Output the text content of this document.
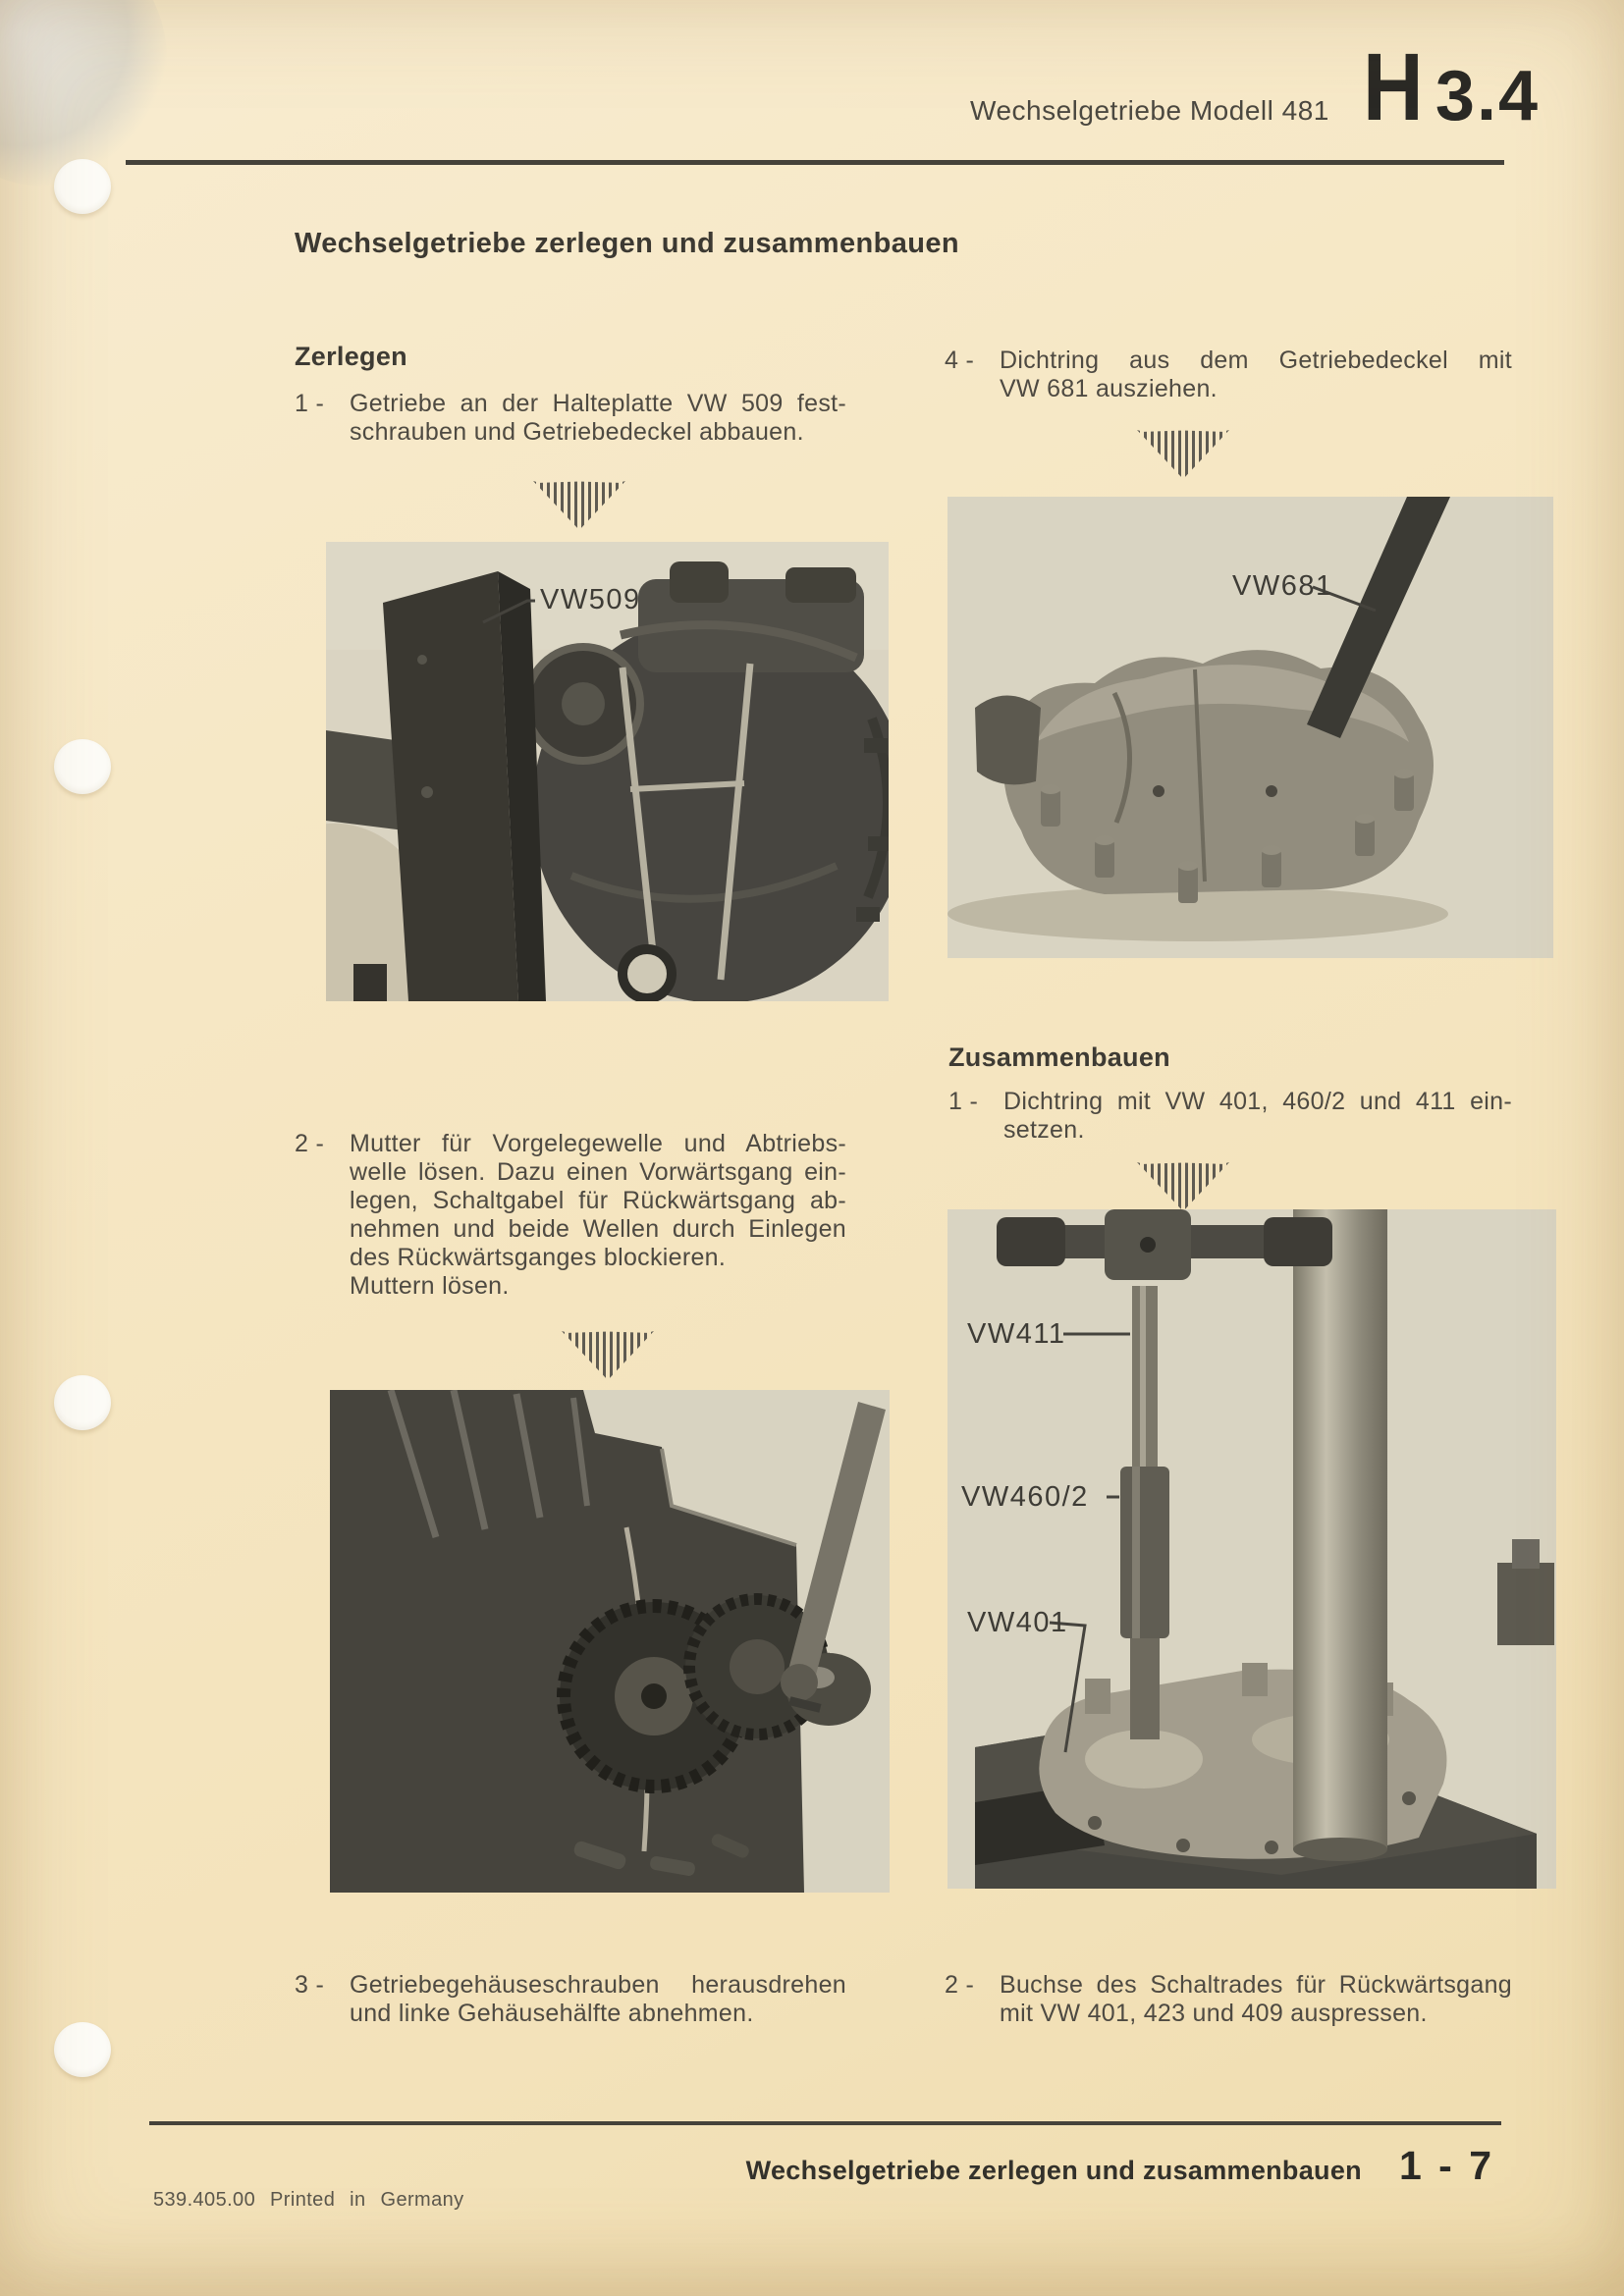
Wechselgetriebe Modell 481 H 3.4
Wechselgetriebe zerlegen und zusammenbauen
Zerlegen
1 -	Getriebe an der Halteplatte VW 509 fest-
schrauben und Getriebedeckel abbauen.
VW509
2 -	Mutter für Vorgelegewelle und Abtriebs-
welle lösen. Dazu einen Vorwärtsgang ein-
legen, Schaltgabel für Rückwärtsgang ab-
nehmen und beide Wellen durch Einlegen
des Rückwärtsganges blockieren.
Muttern lösen.
3 -	Getriebegehäuseschrauben herausdrehen
und linke Gehäusehälfte abnehmen.
4 -	Dichtring aus dem Getriebedeckel mit
VW 681 ausziehen.
VW681
Zusammenbauen
1 -	Dichtring mit VW 401, 460/2 und 411 ein-
setzen.
VW411
VW460/2
VW401
2 -	Buchse des Schaltrades für Rückwärtsgang
mit VW 401, 423 und 409 auspressen.
539.405.00 Printed in Germany
Wechselgetriebe zerlegen und zusammenbauen 1 - 7
